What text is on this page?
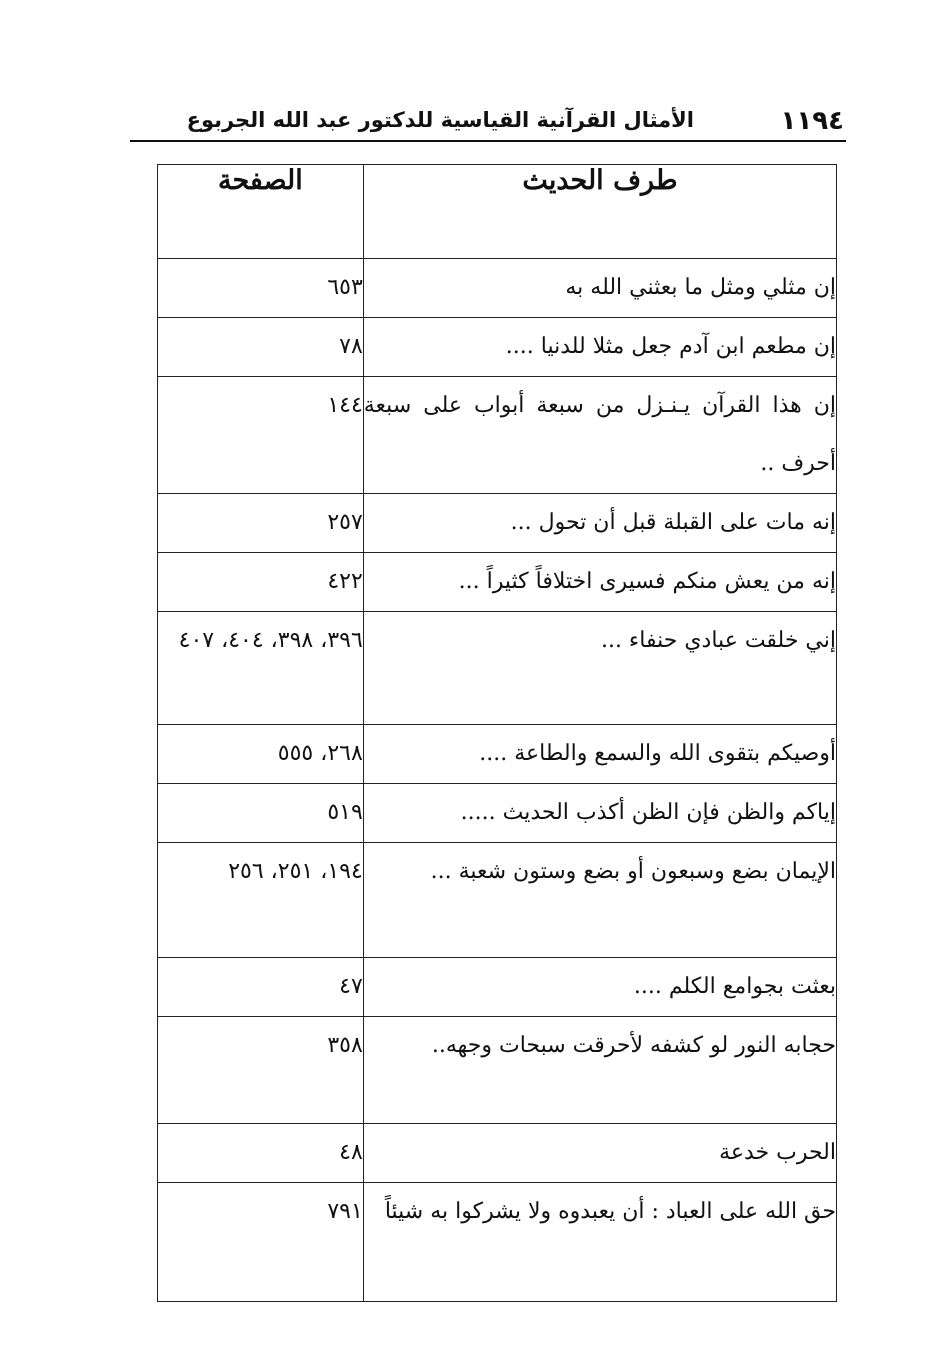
١١٩٤
الأمثال القرآنية القياسية للدكتور عبد الله الجربوع
طرف الحديث	الصفحة
إن مثلي ومثل ما بعثني الله به	٦٥٣
إن مطعم ابن آدم جعل مثلا للدنيا ....	٧٨
إن هذا القرآن يـنـزل من سبعة أبواب على سبعة أحرف ..	١٤٤
إنه مات على القبلة قبل أن تحول ...	٢٥٧
إنه من يعش منكم فسيرى اختلافاً كثيراً ...	٤٢٢
إني خلقت عبادي حنفاء ...	٣٩٦، ٣٩٨، ٤٠٤، ٤٠٧
أوصيكم بتقوى الله والسمع والطاعة ....	٢٦٨، ٥٥٥
إياكم والظن فإن الظن أكذب الحديث .....	٥١٩
الإيمان بضع وسبعون أو بضع وستون شعبة ...	١٩٤، ٢٥١، ٢٥٦
بعثت بجوامع الكلم ....	٤٧
حجابه النور لو كشفه لأحرقت سبحات وجهه..	٣٥٨
الحرب خدعة	٤٨
حق الله على العباد : أن يعبدوه ولا يشركوا به شيئاً	٧٩١
